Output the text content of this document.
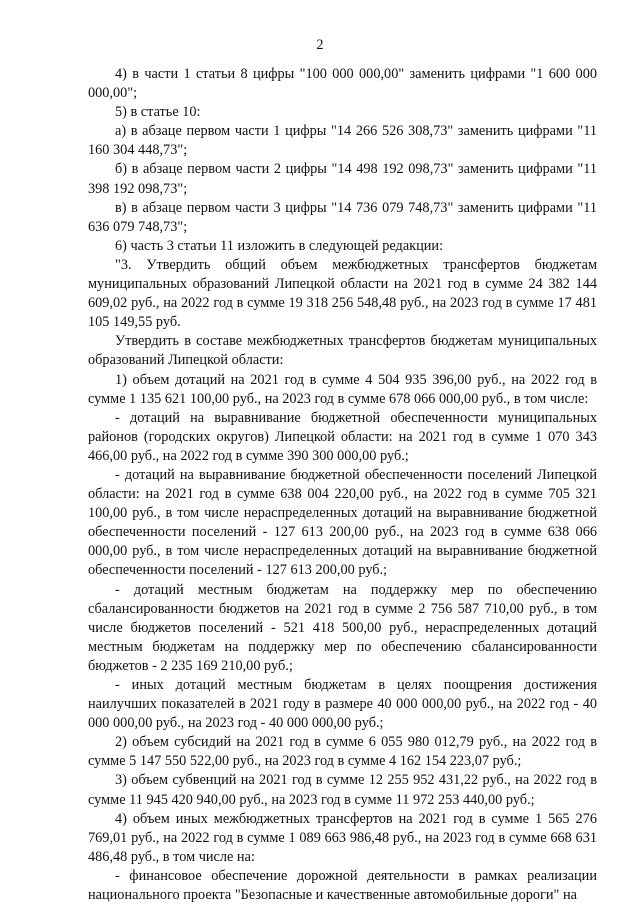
2

4) в части 1 статьи 8 цифры "100 000 000,00" заменить цифрами "1 600 000 000,00";

5) в статье 10:

а) в абзаце первом части 1 цифры "14 266 526 308,73" заменить цифрами "11 160 304 448,73";

б) в абзаце первом части 2 цифры "14 498 192 098,73" заменить цифрами "11 398 192 098,73";

в) в абзаце первом части 3 цифры "14 736 079 748,73" заменить цифрами "11 636 079 748,73";

6) часть 3 статьи 11 изложить в следующей редакции:

"3. Утвердить общий объем межбюджетных трансфертов бюджетам муниципальных образований Липецкой области на 2021 год в сумме 24 382 144 609,02 руб., на 2022 год в сумме 19 318 256 548,48 руб., на 2023 год в сумме 17 481 105 149,55 руб.

Утвердить в составе межбюджетных трансфертов бюджетам муниципальных образований Липецкой области:

1) объем дотаций на 2021 год в сумме 4 504 935 396,00 руб., на 2022 год в сумме 1 135 621 100,00 руб., на 2023 год в сумме 678 066 000,00 руб., в том числе:

- дотаций на выравнивание бюджетной обеспеченности муниципальных районов (городских округов) Липецкой области: на 2021 год в сумме 1 070 343 466,00 руб., на 2022 год в сумме 390 300 000,00 руб.;

- дотаций на выравнивание бюджетной обеспеченности поселений Липецкой области: на 2021 год в сумме 638 004 220,00 руб., на 2022 год в сумме 705 321 100,00 руб., в том числе нераспределенных дотаций на выравнивание бюджетной обеспеченности поселений - 127 613 200,00 руб., на 2023 год в сумме 638 066 000,00 руб., в том числе нераспределенных дотаций на выравнивание бюджетной обеспеченности поселений - 127 613 200,00 руб.;

- дотаций местным бюджетам на поддержку мер по обеспечению сбалансированности бюджетов на 2021 год в сумме 2 756 587 710,00 руб., в том числе бюджетов поселений - 521 418 500,00 руб., нераспределенных дотаций местным бюджетам на поддержку мер по обеспечению сбалансированности бюджетов - 2 235 169 210,00 руб.;

- иных дотаций местным бюджетам в целях поощрения достижения наилучших показателей в 2021 году в размере 40 000 000,00 руб., на 2022 год - 40 000 000,00 руб., на 2023 год - 40 000 000,00 руб.;

2) объем субсидий на 2021 год в сумме 6 055 980 012,79 руб., на 2022 год в сумме 5 147 550 522,00 руб., на 2023 год в сумме 4 162 154 223,07 руб.;

3) объем субвенций на 2021 год в сумме 12 255 952 431,22 руб., на 2022 год в сумме 11 945 420 940,00 руб., на 2023 год в сумме 11 972 253 440,00 руб.;

4) объем иных межбюджетных трансфертов на 2021 год в сумме 1 565 276 769,01 руб., на 2022 год в сумме 1 089 663 986,48 руб., на 2023 год в сумме 668 631 486,48 руб., в том числе на:

- финансовое обеспечение дорожной деятельности в рамках реализации национального проекта "Безопасные и качественные автомобильные дороги" на
